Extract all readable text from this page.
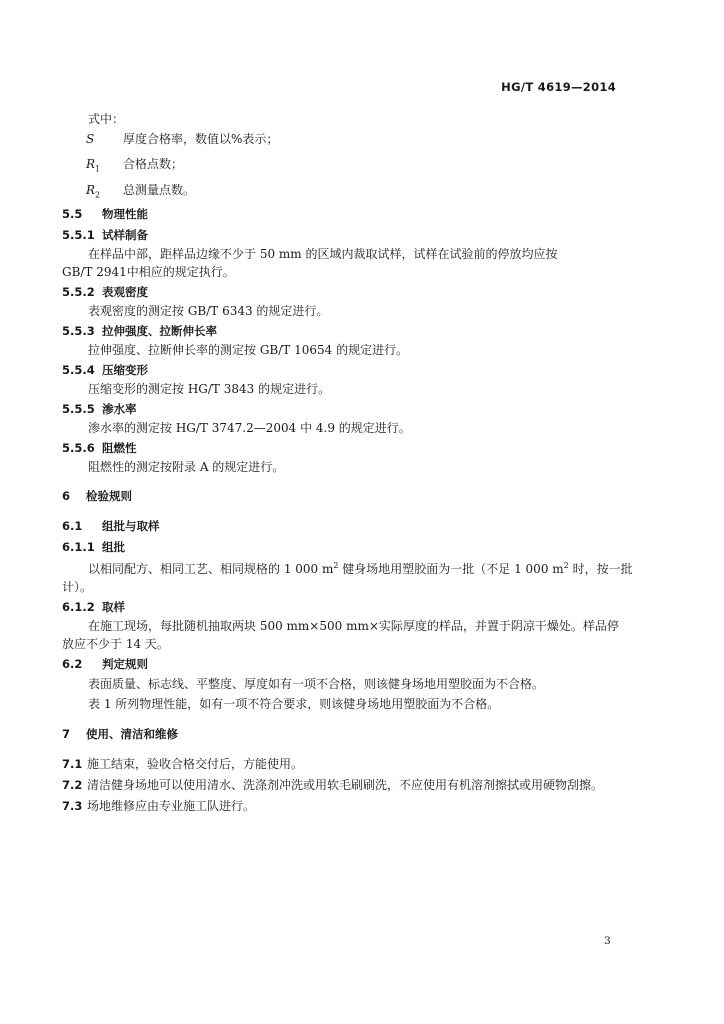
HG/T 4619—2014
式中：
S	厚度合格率，数值以%表示；
$R_1$	合格点数；
$R_2$	总测量点数。
5.5 物理性能
5.5.1 试样制备
在样品中部，距样品边缘不少于 50 mm 的区域内裁取试样，试样在试验前的停放均应按
GB/T 2941中相应的规定执行。
5.5.2 表观密度
表观密度的测定按 GB/T 6343 的规定进行。
5.5.3 拉伸强度、拉断伸长率
拉伸强度、拉断伸长率的测定按 GB/T 10654 的规定进行。
5.5.4 压缩变形
压缩变形的测定按 HG/T 3843 的规定进行。
5.5.5 渗水率
渗水率的测定按 HG/T 3747.2—2004 中 4.9 的规定进行。
5.5.6 阻燃性
阻燃性的测定按附录 A 的规定进行。
6 检验规则
6.1 组批与取样
6.1.1 组批
以相同配方、相同工艺、相同规格的 1 000 $m^2$ 健身场地用塑胶面为一批（不足 1 000 $m^2$ 时，按一批
计）。
6.1.2 取样
在施工现场，每批随机抽取两块 500 mm×500 mm×实际厚度的样品，并置于阴凉干燥处。样品停
放应不少于 14 天。
6.2 判定规则
表面质量、标志线、平整度、厚度如有一项不合格，则该健身场地用塑胶面为不合格。
表 1 所列物理性能，如有一项不符合要求，则该健身场地用塑胶面为不合格。
7 使用、清洁和维修
7.1 施工结束，验收合格交付后，方能使用。
7.2 清洁健身场地可以使用清水、洗涤剂冲洗或用软毛刷刷洗，不应使用有机溶剂擦拭或用硬物刮擦。
7.3 场地维修应由专业施工队进行。
3
